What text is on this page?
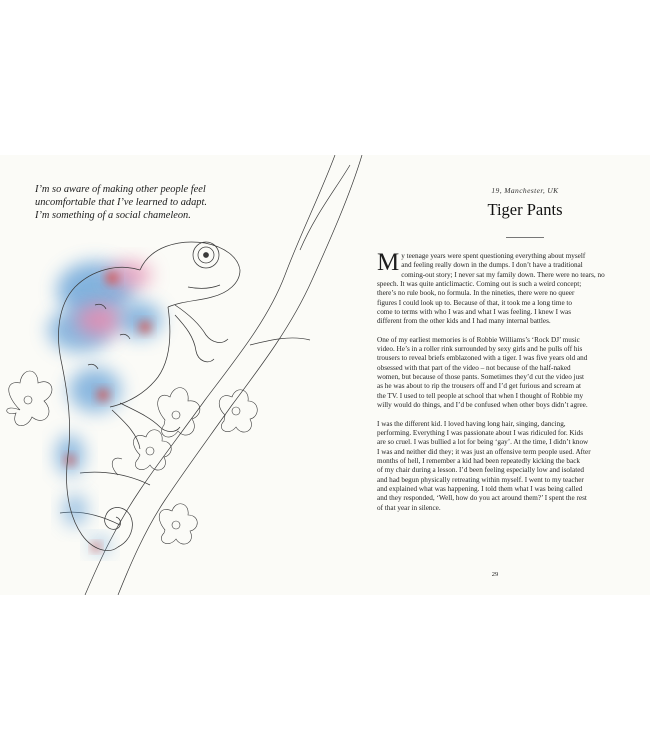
I’m so aware of making other people feel
uncomfortable that I’ve learned to adapt.
I’m something of a social chameleon.

19, Manchester, UK
Tiger Pants

My teenage years were spent questioning everything about myself
and feeling really down in the dumps. I don’t have a traditional
coming-out story; I never sat my family down. There were no tears, no
speech. It was quite anticlimactic. Coming out is such a weird concept;
there’s no rule book, no formula. In the nineties, there were no queer
figures I could look up to. Because of that, it took me a long time to
come to terms with who I was and what I was feeling. I knew I was
different from the other kids and I had many internal battles.

One of my earliest memories is of Robbie Williams’s ‘Rock DJ’ music
video. He’s in a roller rink surrounded by sexy girls and he pulls off his
trousers to reveal briefs emblazoned with a tiger. I was five years old and
obsessed with that part of the video – not because of the half-naked
women, but because of those pants. Sometimes they’d cut the video just
as he was about to rip the trousers off and I’d get furious and scream at
the TV. I used to tell people at school that when I thought of Robbie my
willy would do things, and I’d be confused when other boys didn’t agree.

I was the different kid. I loved having long hair, singing, dancing,
performing. Everything I was passionate about I was ridiculed for. Kids
are so cruel. I was bullied a lot for being ‘gay’. At the time, I didn’t know
I was and neither did they; it was just an offensive term people used. After
months of hell, I remember a kid had been repeatedly kicking the back
of my chair during a lesson. I’d been feeling especially low and isolated
and had begun physically retreating within myself. I went to my teacher
and explained what was happening. I told them what I was being called
and they responded, ‘Well, how do you act around them?’ I spent the rest
of that year in silence.

29
